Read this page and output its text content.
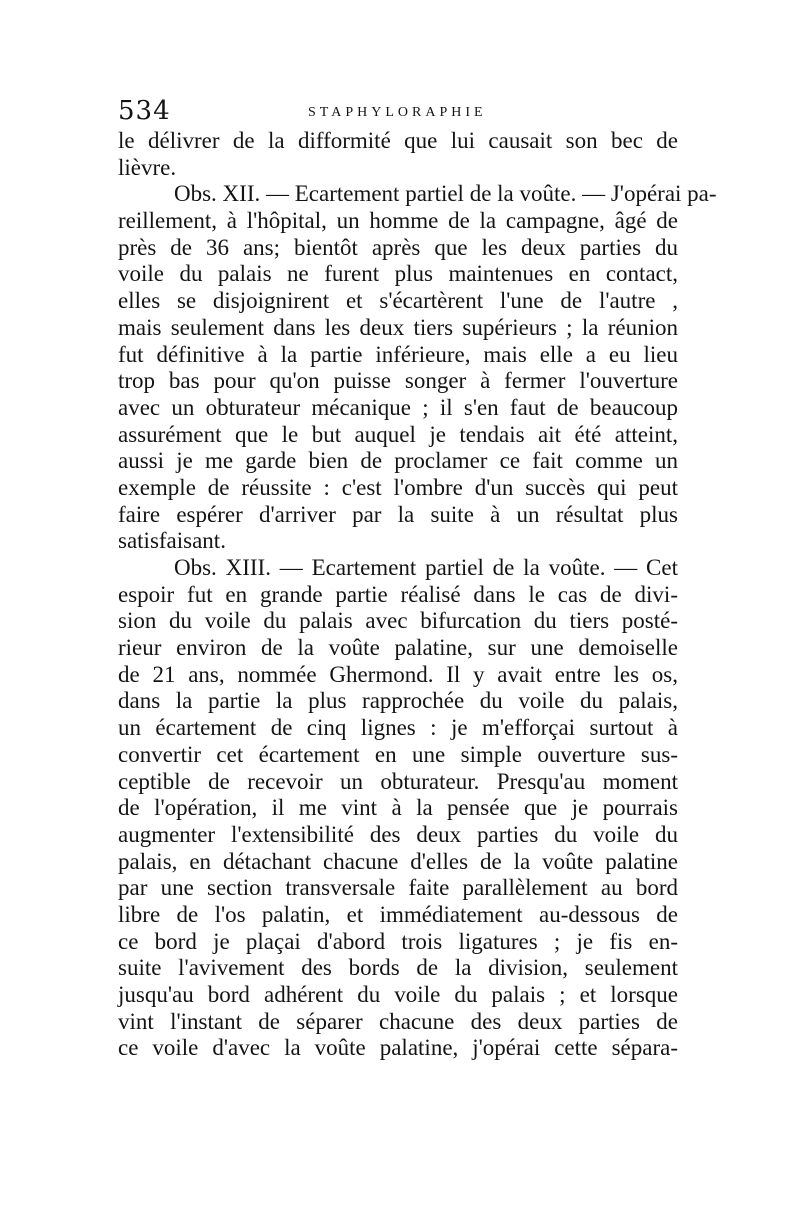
534	STAPHYLORAPHIE
le délivrer de la difformité que lui causait son bec de
lièvre.
Obs. XII. — Ecartement partiel de la voûte. — J'opérai pa-
reillement, à l'hôpital, un homme de la campagne, âgé de
près de 36 ans; bientôt après que les deux parties du
voile du palais ne furent plus maintenues en contact,
elles se disjoignirent et s'écartèrent l'une de l'autre ,
mais seulement dans les deux tiers supérieurs ; la réunion
fut définitive à la partie inférieure, mais elle a eu lieu
trop bas pour qu'on puisse songer à fermer l'ouverture
avec un obturateur mécanique ; il s'en faut de beaucoup
assurément que le but auquel je tendais ait été atteint,
aussi je me garde bien de proclamer ce fait comme un
exemple de réussite : c'est l'ombre d'un succès qui peut
faire espérer d'arriver par la suite à un résultat plus
satisfaisant.
Obs. XIII. — Ecartement partiel de la voûte. — Cet
espoir fut en grande partie réalisé dans le cas de divi-
sion du voile du palais avec bifurcation du tiers posté-
rieur environ de la voûte palatine, sur une demoiselle
de 21 ans, nommée Ghermond. Il y avait entre les os,
dans la partie la plus rapprochée du voile du palais,
un écartement de cinq lignes : je m'efforçai surtout à
convertir cet écartement en une simple ouverture sus-
ceptible de recevoir un obturateur. Presqu'au moment
de l'opération, il me vint à la pensée que je pourrais
augmenter l'extensibilité des deux parties du voile du
palais, en détachant chacune d'elles de la voûte palatine
par une section transversale faite parallèlement au bord
libre de l'os palatin, et immédiatement au-dessous de
ce bord je plaçai d'abord trois ligatures ; je fis en-
suite l'avivement des bords de la division, seulement
jusqu'au bord adhérent du voile du palais ; et lorsque
vint l'instant de séparer chacune des deux parties de
ce voile d'avec la voûte palatine, j'opérai cette sépara-
